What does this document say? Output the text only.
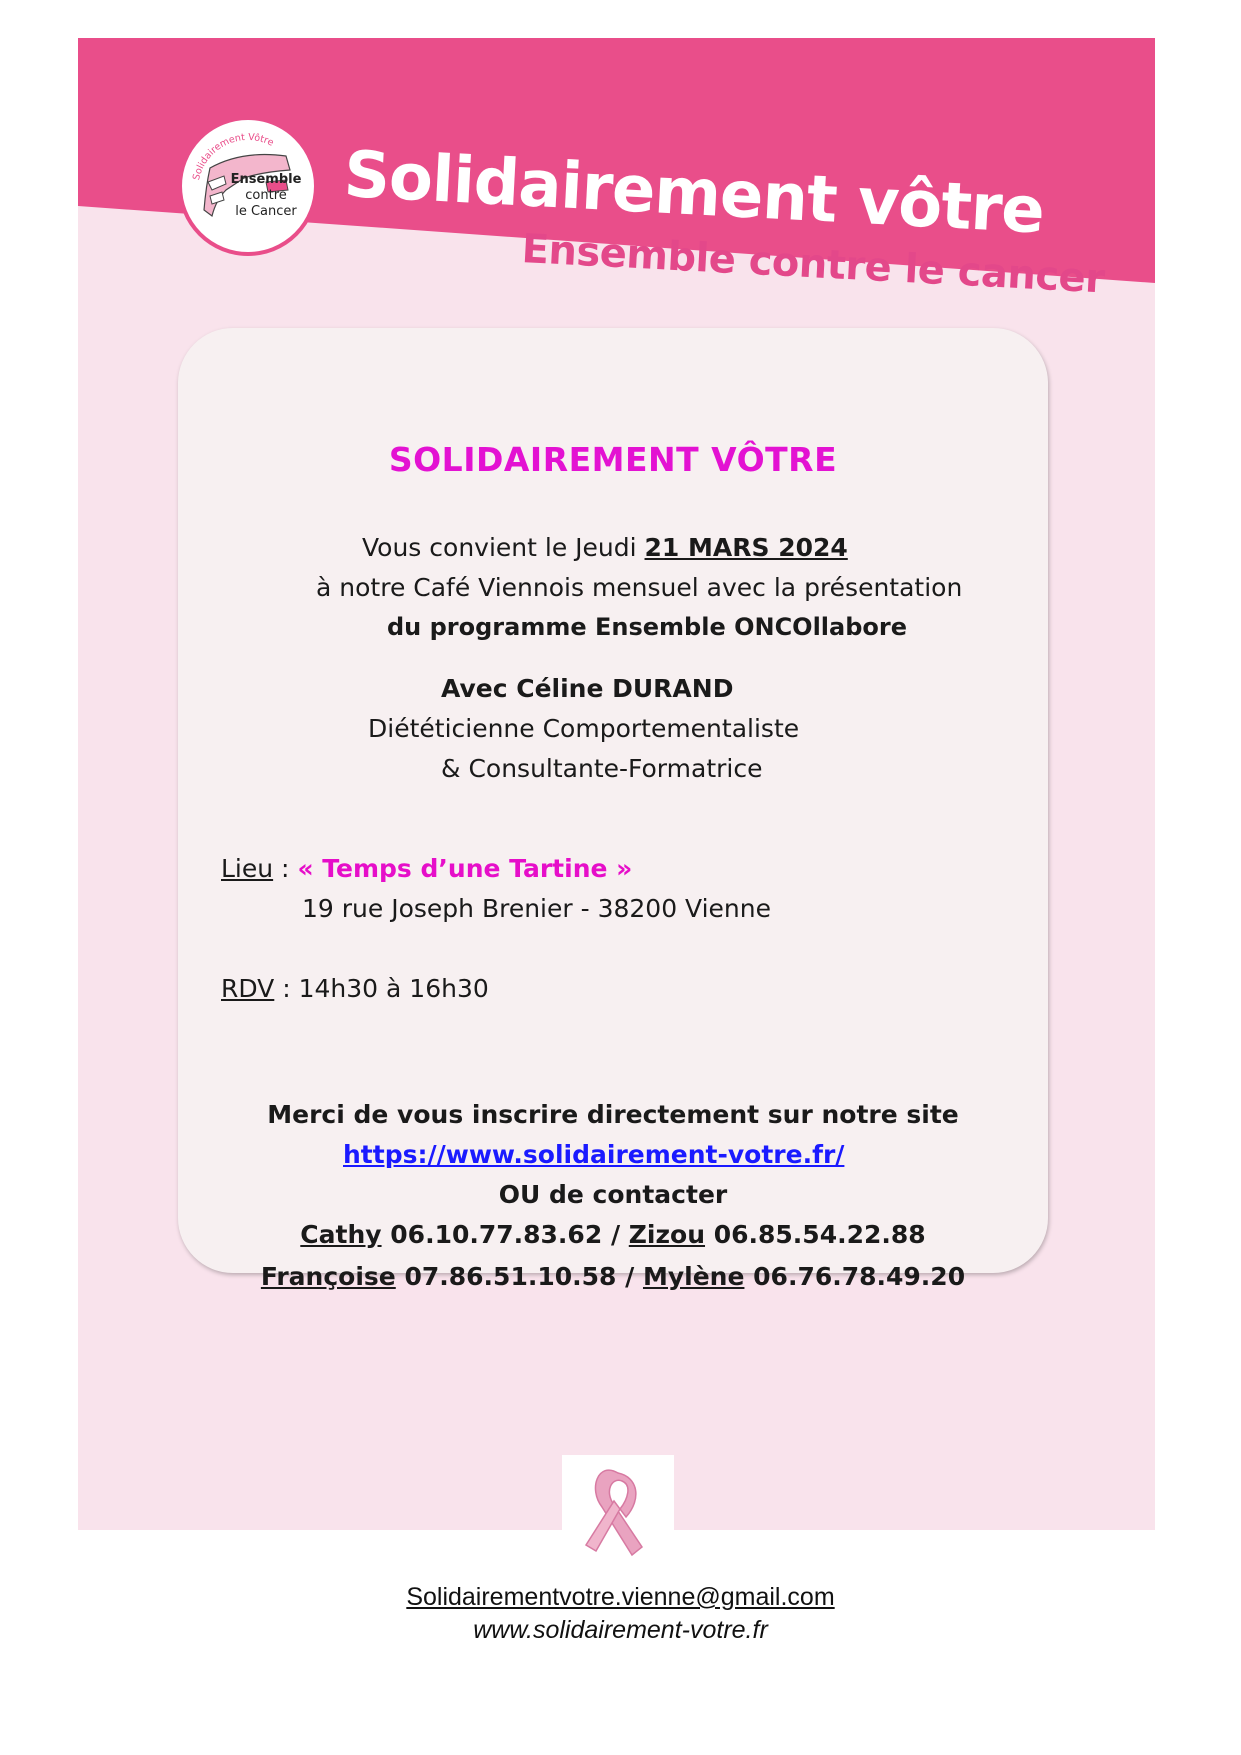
Solidairement Vôtre
Ensemble
contre
le Cancer Solidairement vôtre
Ensemble contre le cancer
SOLIDAIREMENT VÔTRE
Vous convient le Jeudi 21 MARS 2024
à notre Café Viennois mensuel avec la présentation
du programme Ensemble ONCOllabore
Avec Céline DURAND
Diététicienne Comportementaliste
& Consultante-Formatrice
Lieu : « Temps d’une Tartine »
19 rue Joseph Brenier - 38200 Vienne
RDV : 14h30 à 16h30
Merci de vous inscrire directement sur notre site
https://www.solidairement-votre.fr/
OU de contacter
Cathy 06.10.77.83.62 / Zizou 06.85.54.22.88
Françoise 07.86.51.10.58 / Mylène 06.76.78.49.20
Solidairementvotre.vienne@gmail.com
www.solidairement-votre.fr
